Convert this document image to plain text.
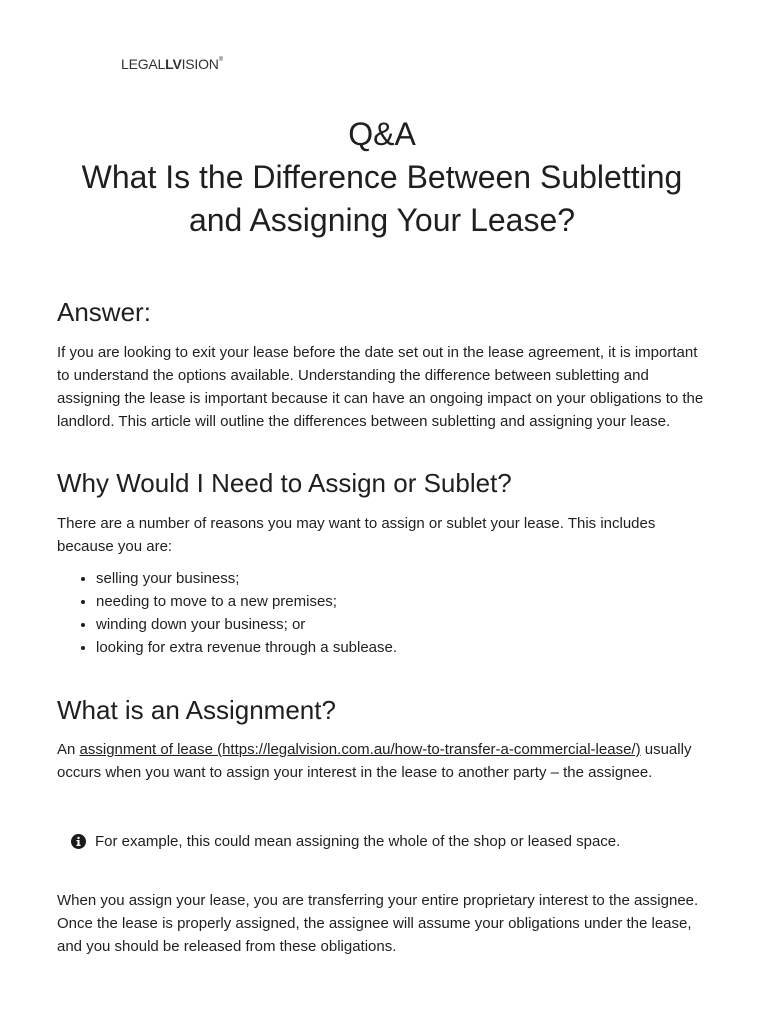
LEGALLVISION®
Q&A
What Is the Difference Between Subletting
and Assigning Your Lease?
Answer:

If you are looking to exit your lease before the date set out in the lease agreement, it is important to understand the options available. Understanding the difference between subletting and assigning the lease is important because it can have an ongoing impact on your obligations to the landlord. This article will outline the differences between subletting and assigning your lease.

Why Would I Need to Assign or Sublet?

There are a number of reasons you may want to assign or sublet your lease. This includes because you are:

• selling your business;
• needing to move to a new premises;
• winding down your business; or
• looking for extra revenue through a sublease.
What is an Assignment?

An assignment of lease (https://legalvision.com.au/how-to-transfer-a-commercial-lease/) usually occurs when you want to assign your interest in the lease to another party – the assignee.

For example, this could mean assigning the whole of the shop or leased space.

When you assign your lease, you are transferring your entire proprietary interest to the assignee. Once the lease is properly assigned, the assignee will assume your obligations under the lease, and you should be released from these obligations.
